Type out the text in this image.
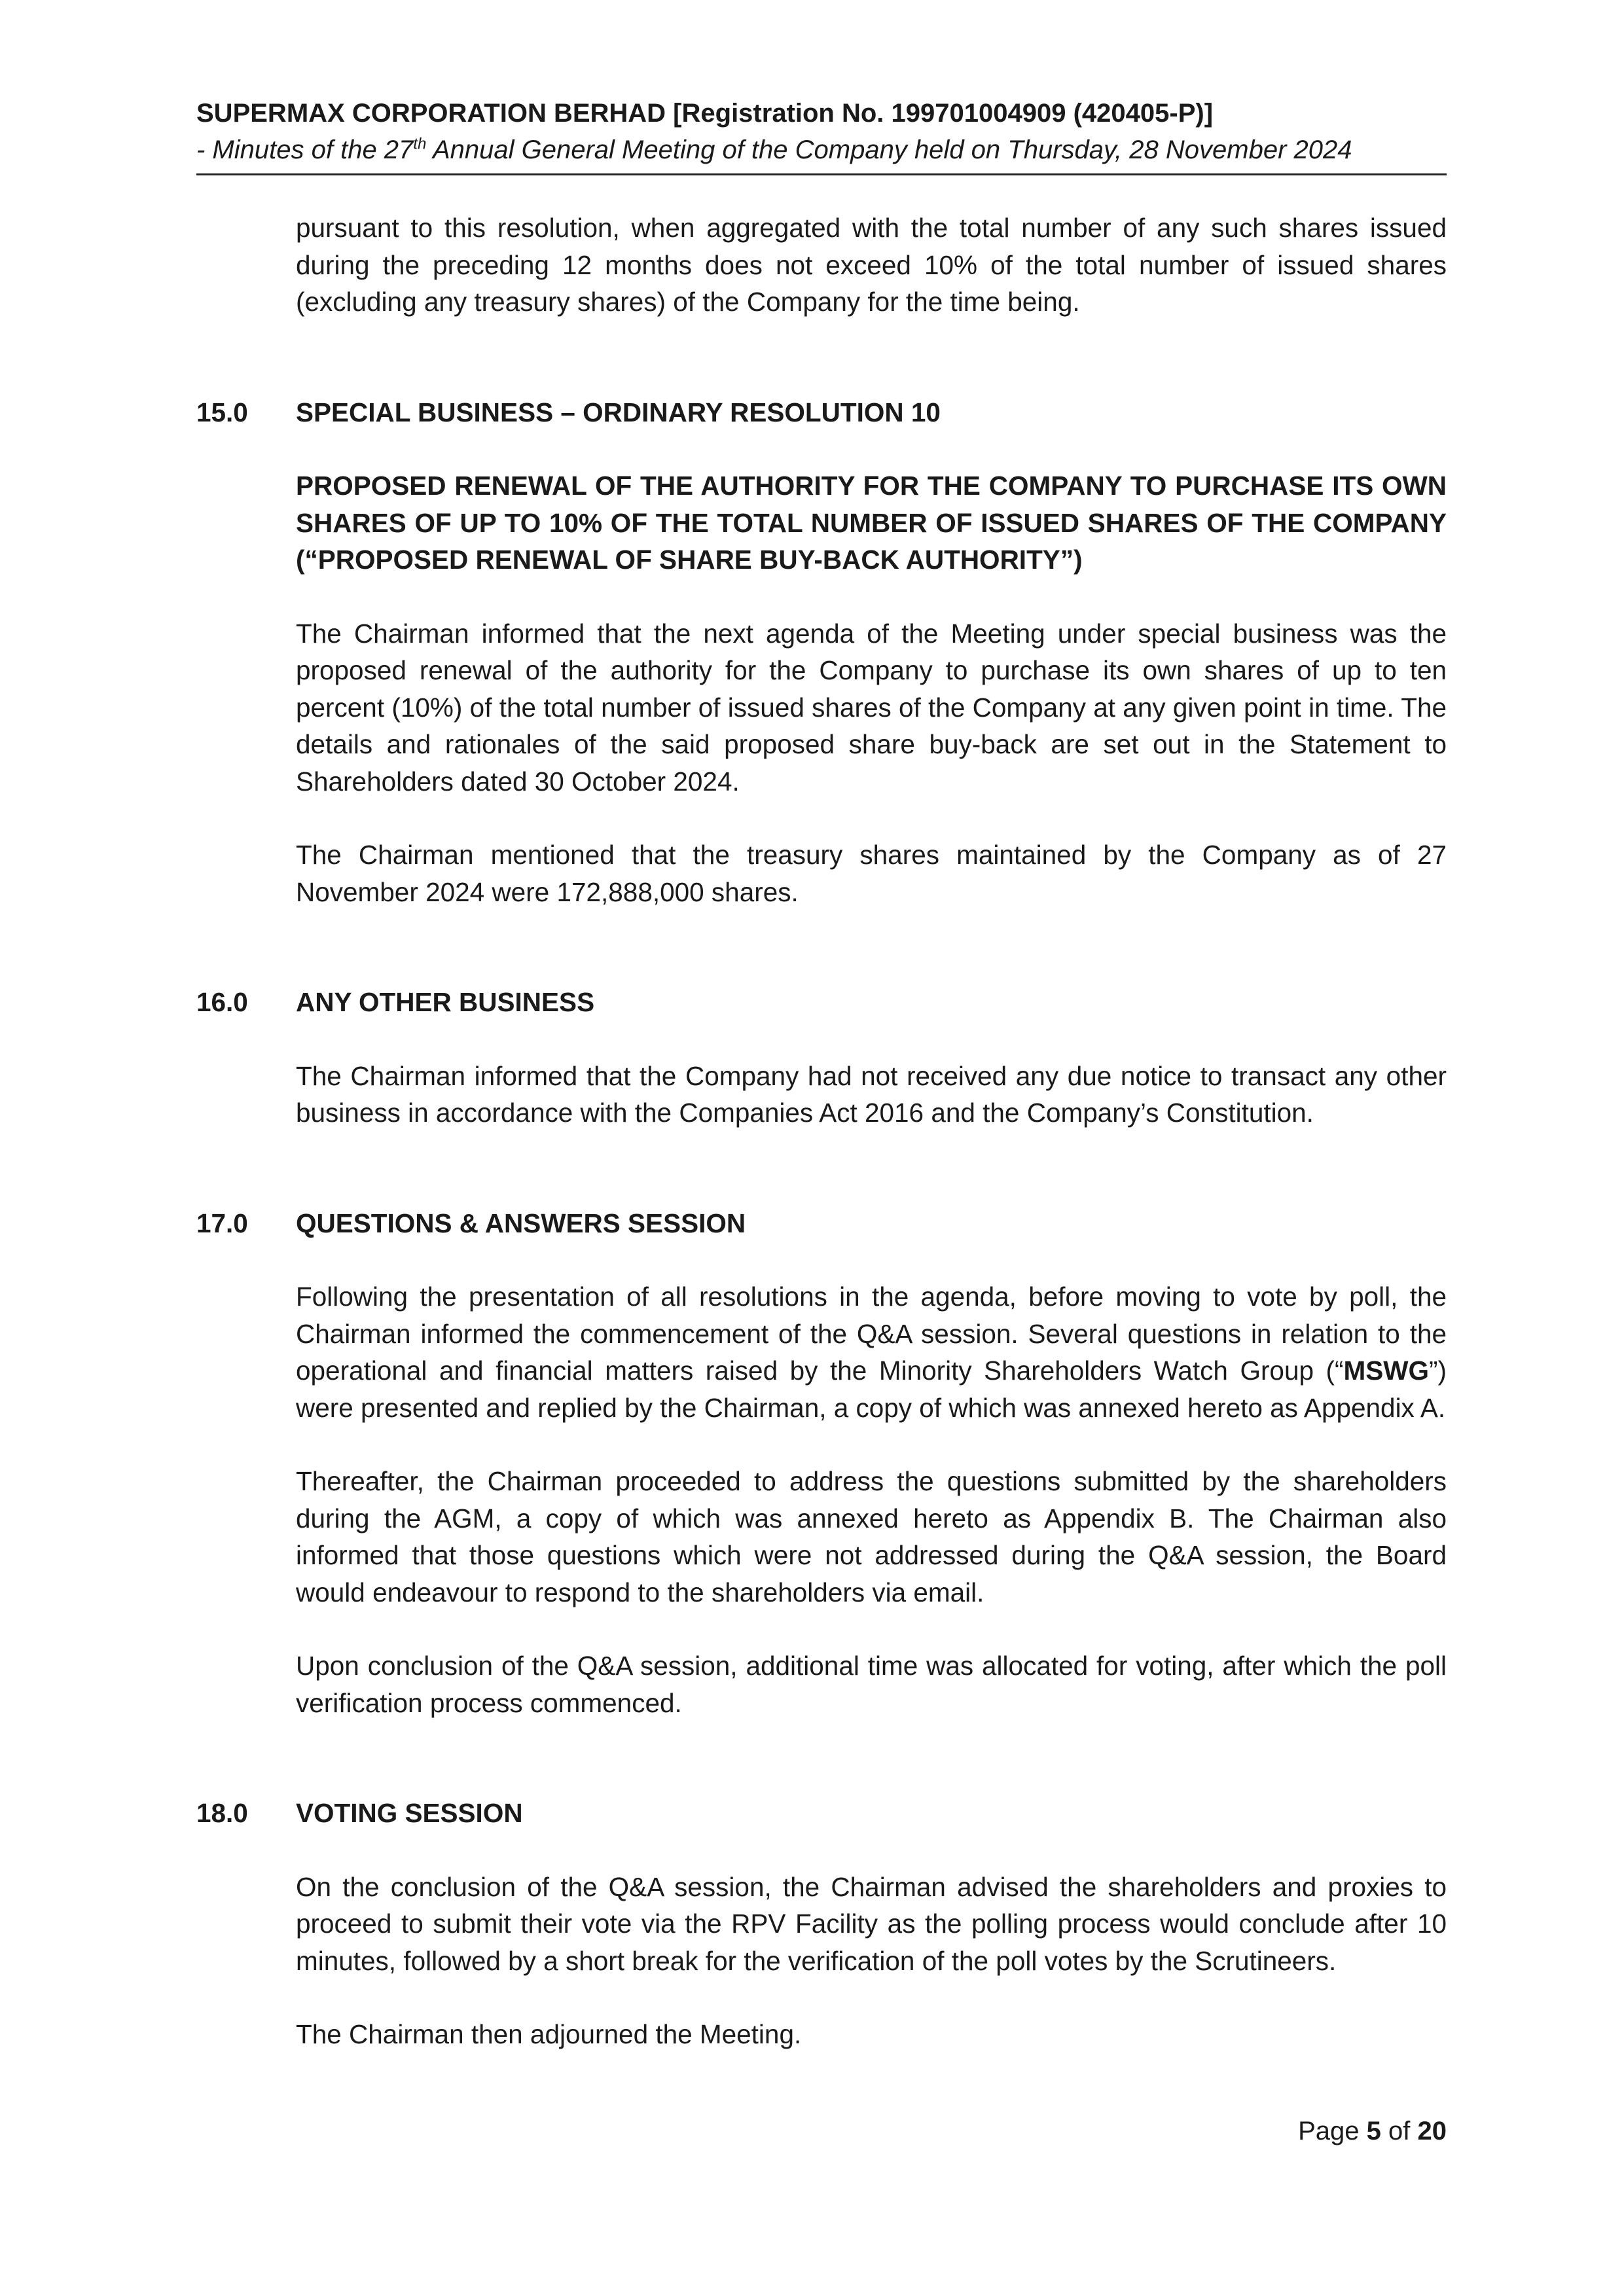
SUPERMAX CORPORATION BERHAD [Registration No. 199701004909 (420405-P)]
- Minutes of the 27th Annual General Meeting of the Company held on Thursday, 28 November 2024

pursuant to this resolution, when aggregated with the total number of any such shares issued during the preceding 12 months does not exceed 10% of the total number of issued shares (excluding any treasury shares) of the Company for the time being.

15.0	SPECIAL BUSINESS – ORDINARY RESOLUTION 10

PROPOSED RENEWAL OF THE AUTHORITY FOR THE COMPANY TO PURCHASE ITS OWN SHARES OF UP TO 10% OF THE TOTAL NUMBER OF ISSUED SHARES OF THE COMPANY (“PROPOSED RENEWAL OF SHARE BUY-BACK AUTHORITY”)

The Chairman informed that the next agenda of the Meeting under special business was the proposed renewal of the authority for the Company to purchase its own shares of up to ten percent (10%) of the total number of issued shares of the Company at any given point in time. The details and rationales of the said proposed share buy-back are set out in the Statement to Shareholders dated 30 October 2024.

The Chairman mentioned that the treasury shares maintained by the Company as of 27 November 2024 were 172,888,000 shares.

16.0	ANY OTHER BUSINESS

The Chairman informed that the Company had not received any due notice to transact any other business in accordance with the Companies Act 2016 and the Company’s Constitution.

17.0	QUESTIONS & ANSWERS SESSION

Following the presentation of all resolutions in the agenda, before moving to vote by poll, the Chairman informed the commencement of the Q&A session. Several questions in relation to the operational and financial matters raised by the Minority Shareholders Watch Group (“MSWG”) were presented and replied by the Chairman, a copy of which was annexed hereto as Appendix A.

Thereafter, the Chairman proceeded to address the questions submitted by the shareholders during the AGM, a copy of which was annexed hereto as Appendix B. The Chairman also informed that those questions which were not addressed during the Q&A session, the Board would endeavour to respond to the shareholders via email.

Upon conclusion of the Q&A session, additional time was allocated for voting, after which the poll verification process commenced.

18.0	VOTING SESSION

On the conclusion of the Q&A session, the Chairman advised the shareholders and proxies to proceed to submit their vote via the RPV Facility as the polling process would conclude after 10 minutes, followed by a short break for the verification of the poll votes by the Scrutineers.

The Chairman then adjourned the Meeting.

Page 5 of 20
